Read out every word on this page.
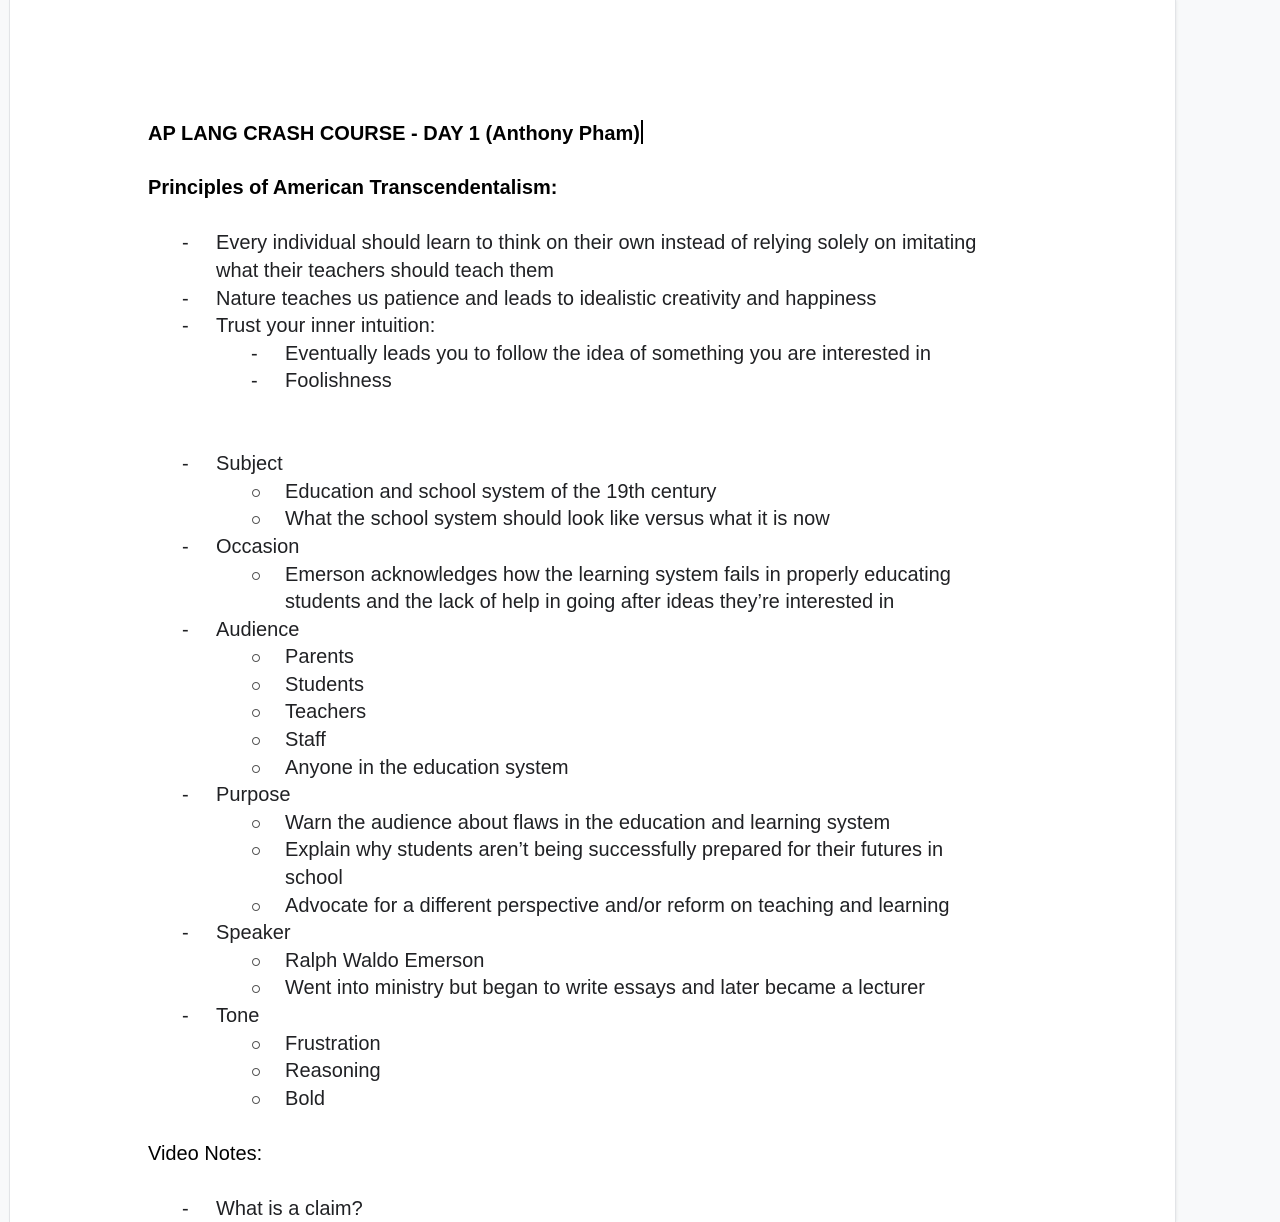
AP LANG CRASH COURSE - DAY 1 (Anthony Pham)
Principles of American Transcendentalism:
- Every individual should learn to think on their own instead of relying solely on imitating what their teachers should teach them
- Nature teaches us patience and leads to idealistic creativity and happiness
- Trust your inner intuition:
- Eventually leads you to follow the idea of something you are interested in
- Foolishness
- Subject
Education and school system of the 19th century
What the school system should look like versus what it is now
- Occasion
Emerson acknowledges how the learning system fails in properly educating students and the lack of help in going after ideas they’re interested in
- Audience
Parents
Students
Teachers
Staff
Anyone in the education system
- Purpose
Warn the audience about flaws in the education and learning system
Explain why students aren’t being successfully prepared for their futures in school
Advocate for a different perspective and/or reform on teaching and learning
- Speaker
Ralph Waldo Emerson
Went into ministry but began to write essays and later became a lecturer
- Tone
Frustration
Reasoning
Bold
Video Notes:
- What is a claim?
